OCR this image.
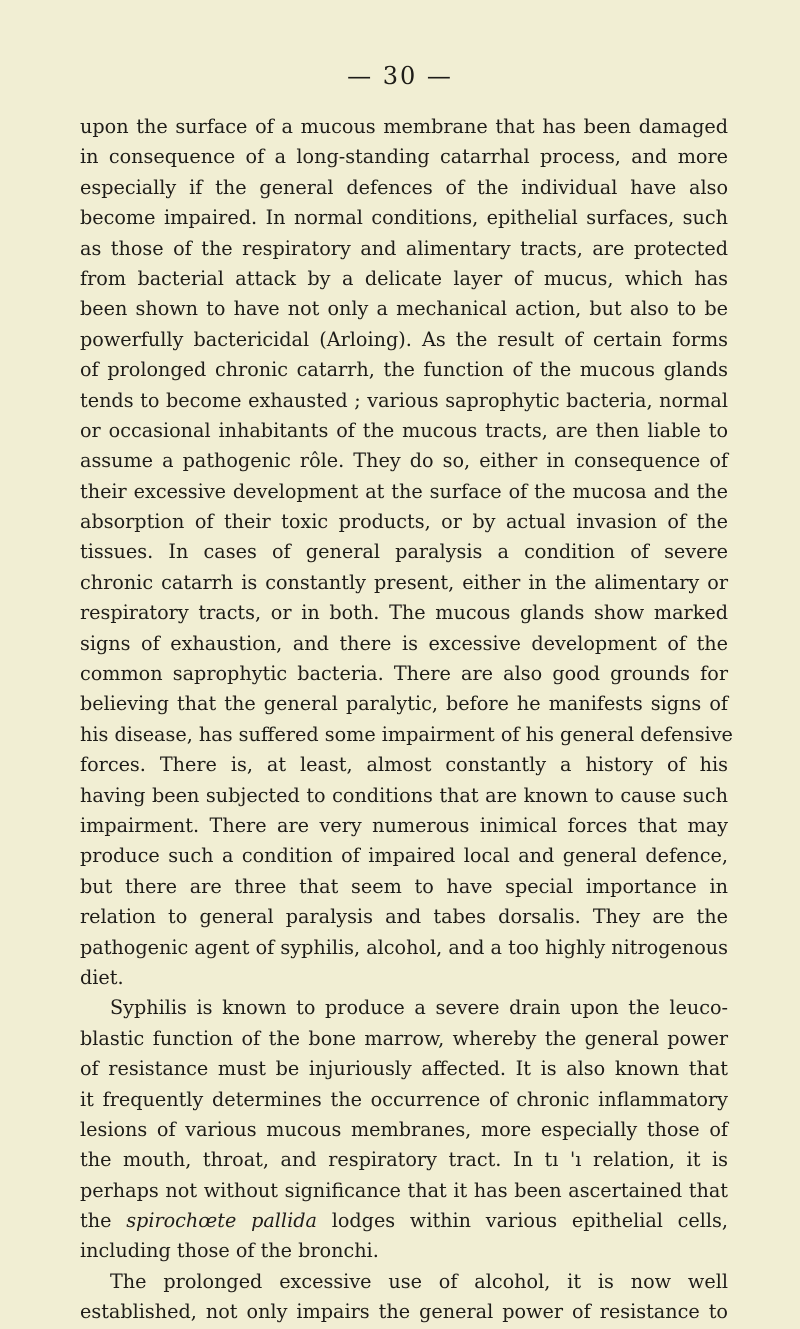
— 30 —
upon the surface of a mucous membrane that has been damaged
in consequence of a long-standing catarrhal process, and more
especially if the general defences of the individual have also
become impaired. In normal conditions, epithelial surfaces, such
as those of the respiratory and alimentary tracts, are protected
from bacterial attack by a delicate layer of mucus, which has
been shown to have not only a mechanical action, but also to be
powerfully bactericidal (Arloing). As the result of certain forms
of prolonged chronic catarrh, the function of the mucous glands
tends to become exhausted ; various saprophytic bacteria, normal
or occasional inhabitants of the mucous tracts, are then liable to
assume a pathogenic rôle. They do so, either in consequence of
their excessive development at the surface of the mucosa and the
absorption of their toxic products, or by actual invasion of the
tissues. In cases of general paralysis a condition of severe
chronic catarrh is constantly present, either in the alimentary or
respiratory tracts, or in both. The mucous glands show marked
signs of exhaustion, and there is excessive development of the
common saprophytic bacteria. There are also good grounds for
believing that the general paralytic, before he manifests signs of
his disease, has suffered some impairment of his general defensive
forces. There is, at least, almost constantly a history of his
having been subjected to conditions that are known to cause such
impairment. There are very numerous inimical forces that may
produce such a condition of impaired local and general defence,
but there are three that seem to have special importance in
relation to general paralysis and tabes dorsalis. They are the
pathogenic agent of syphilis, alcohol, and a too highly nitrogenous
diet.
Syphilis is known to produce a severe drain upon the leuco-
blastic function of the bone marrow, whereby the general power
of resistance must be injuriously affected. It is also known that
it frequently determines the occurrence of chronic inflammatory
lesions of various mucous membranes, more especially those of
the mouth, throat, and respiratory tract. In tı 'ı relation, it is
perhaps not without significance that it has been ascertained that
the spirochœte pallida lodges within various epithelial cells,
including those of the bronchi.
The prolonged excessive use of alcohol, it is now well
established, not only impairs the general power of resistance to
